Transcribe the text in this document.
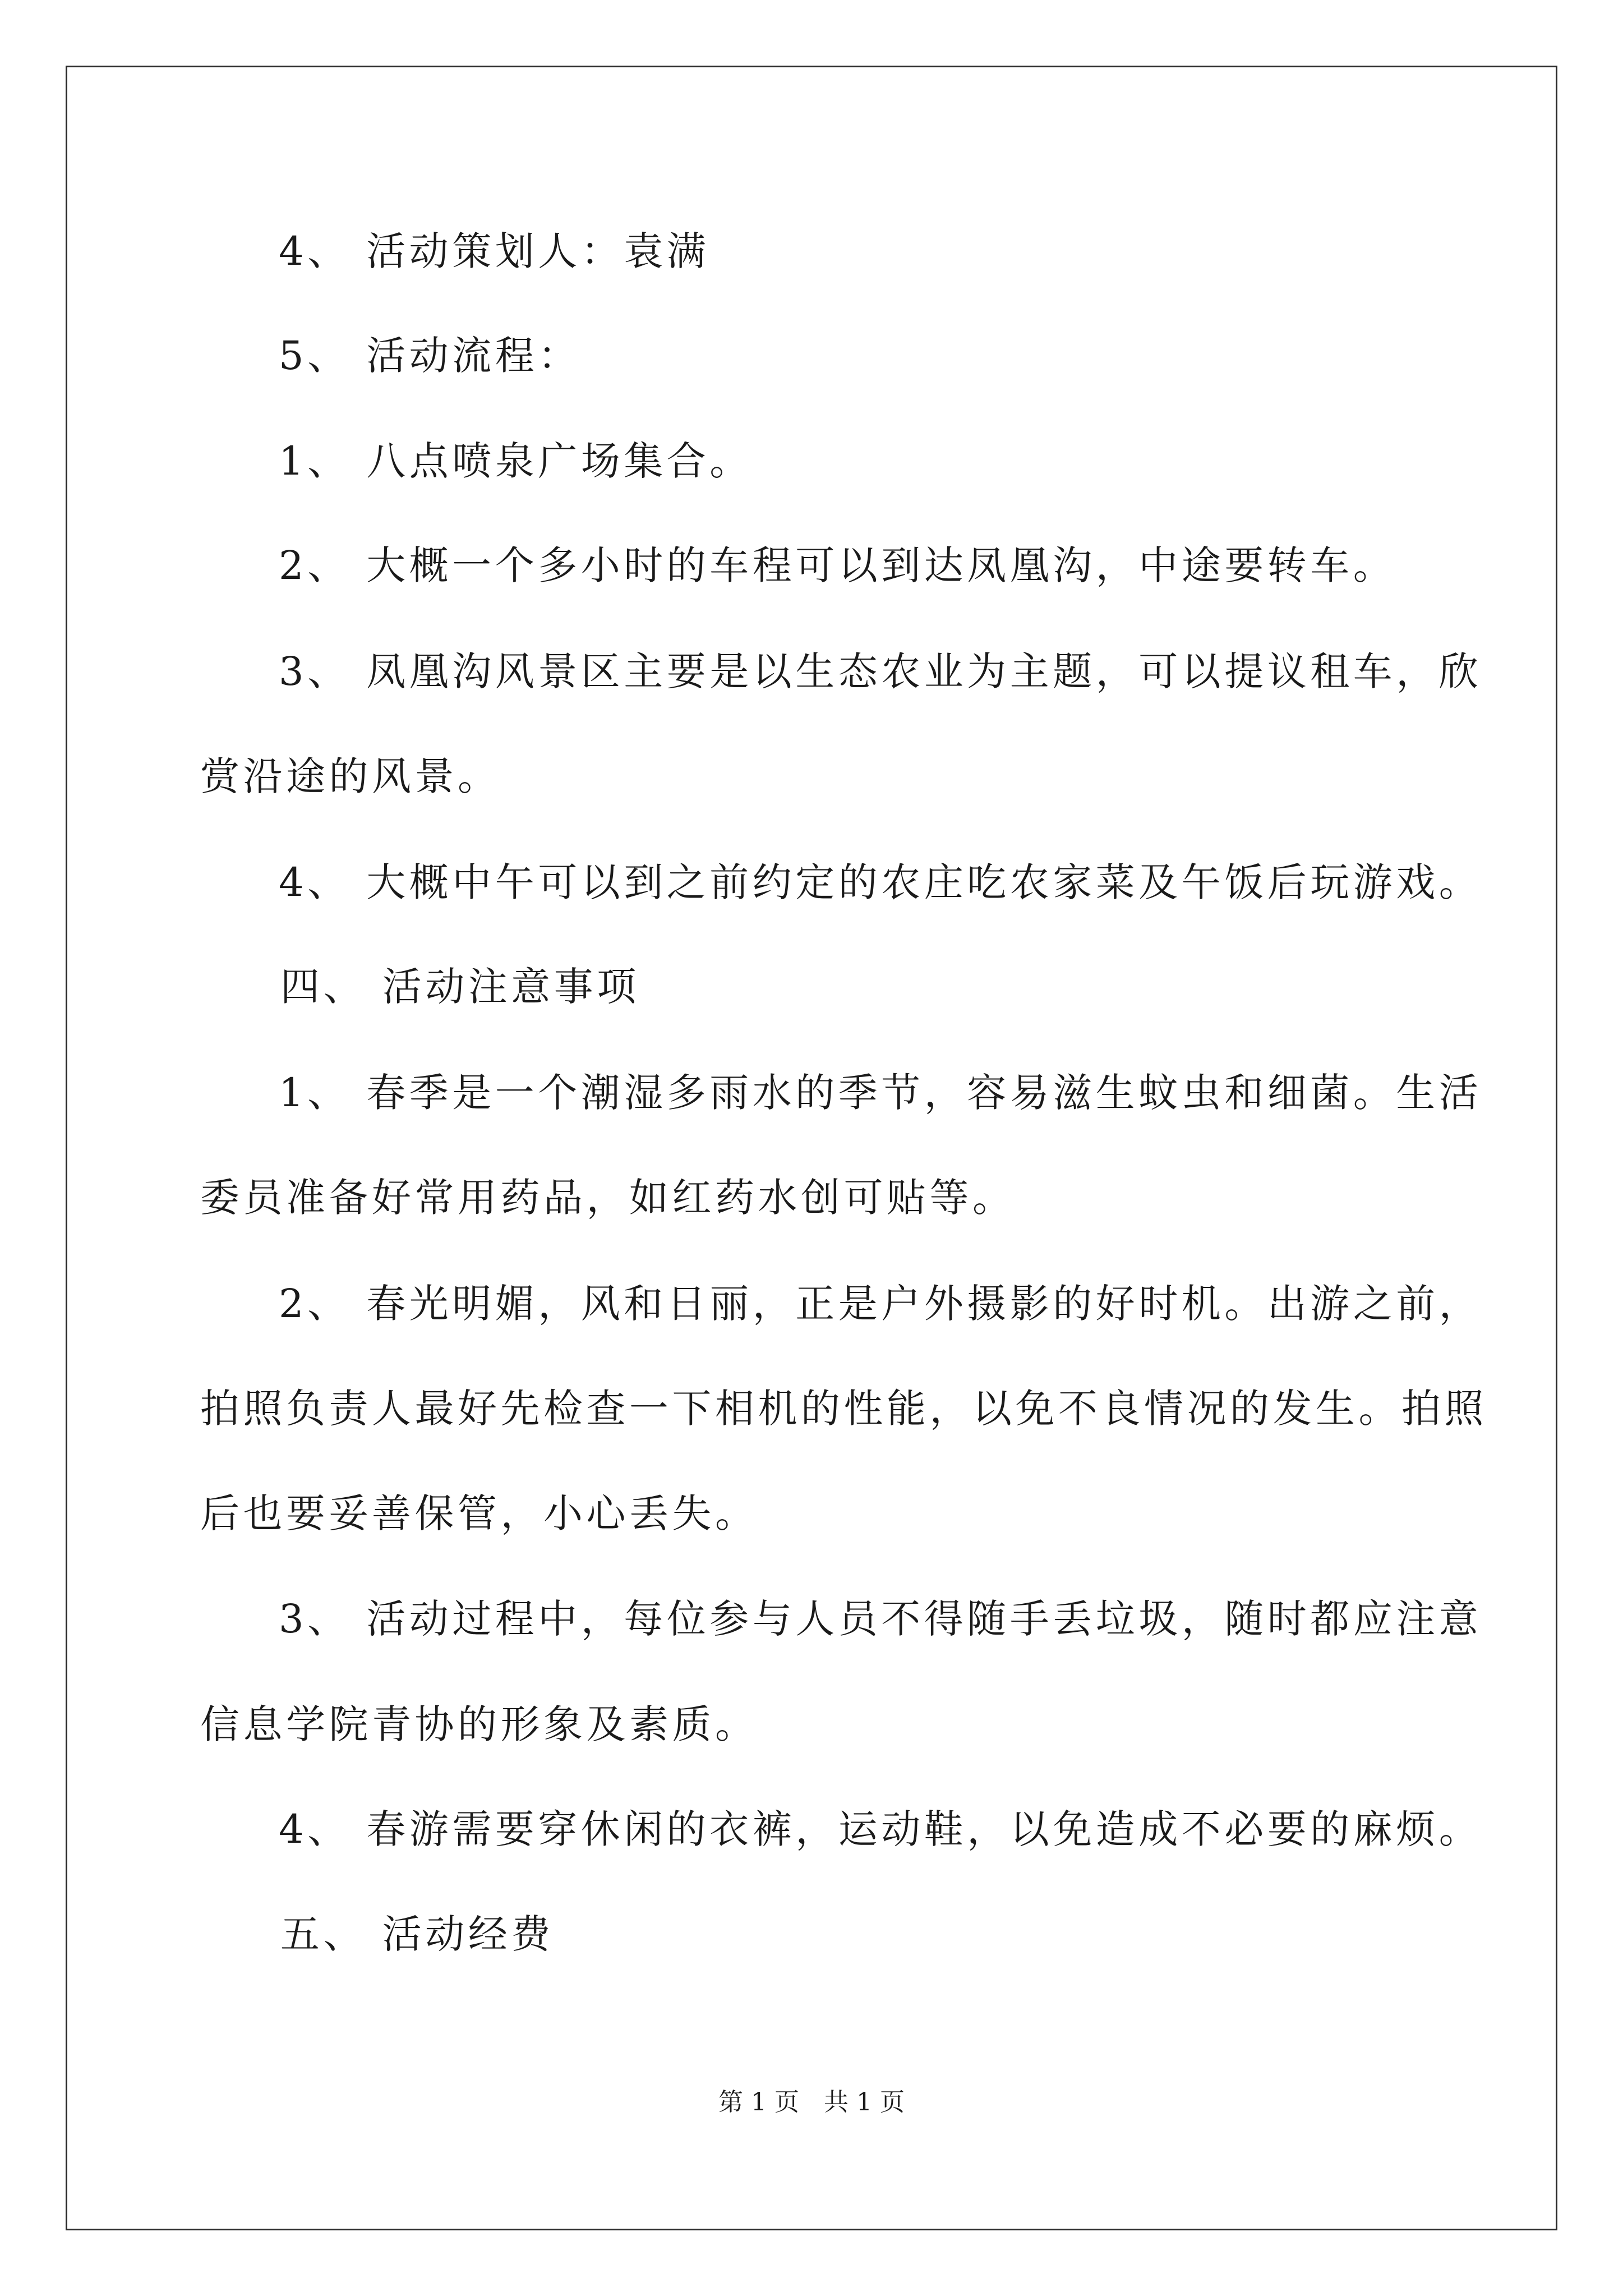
4、 活动策划人：袁满
5、 活动流程：
1、 八点喷泉广场集合。
2、 大概一个多小时的车程可以到达凤凰沟，中途要转车。
3、 凤凰沟风景区主要是以生态农业为主题，可以提议租车，欣
赏沿途的风景。
4、 大概中午可以到之前约定的农庄吃农家菜及午饭后玩游戏。
四、 活动注意事项
1、 春季是一个潮湿多雨水的季节，容易滋生蚊虫和细菌。生活
委员准备好常用药品，如红药水创可贴等。
2、 春光明媚，风和日丽，正是户外摄影的好时机。出游之前，
拍照负责人最好先检查一下相机的性能，以免不良情况的发生。拍照
后也要妥善保管，小心丢失。
3、 活动过程中，每位参与人员不得随手丢垃圾，随时都应注意
信息学院青协的形象及素质。
4、 春游需要穿休闲的衣裤，运动鞋，以免造成不必要的麻烦。
五、 活动经费
第 1 页　共 1 页
